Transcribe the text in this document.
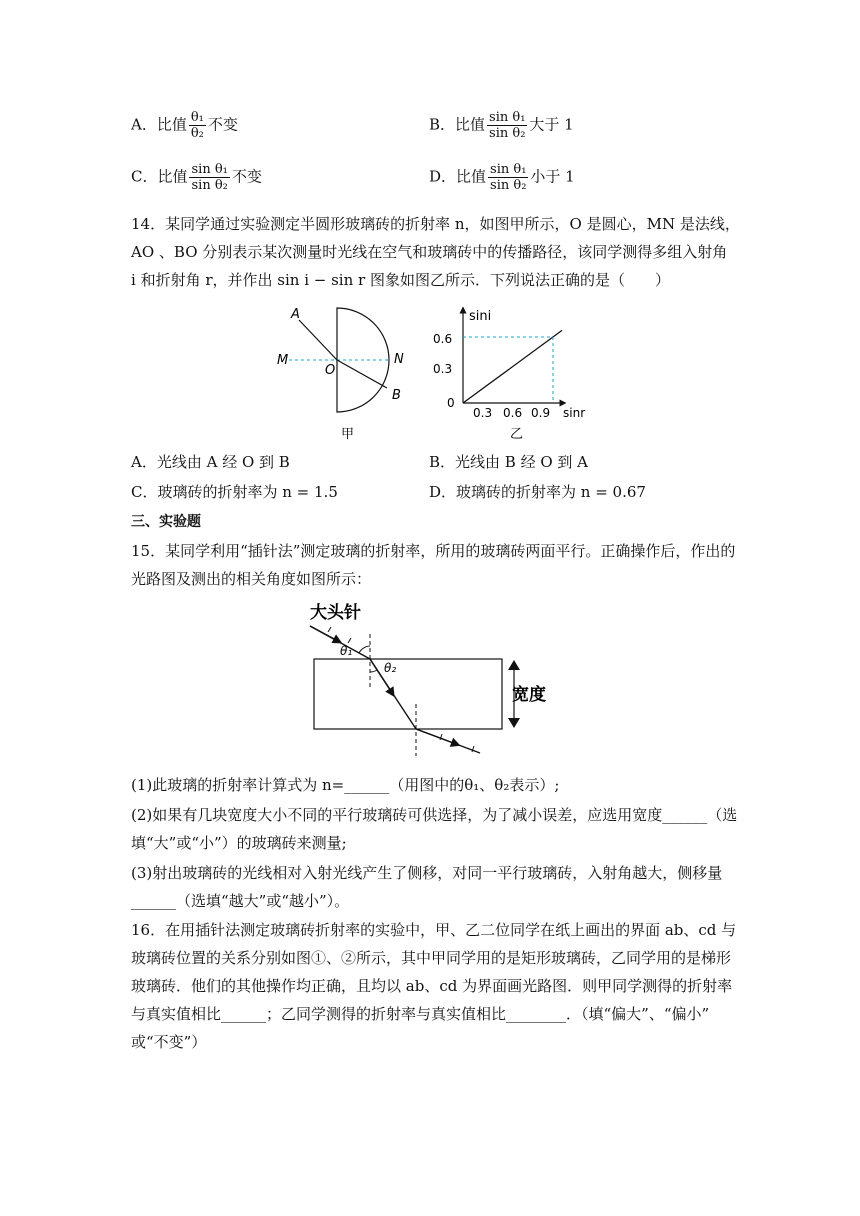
A．比值 $\frac{\text{θ₁}}{\text{θ₂}}$ 不变	B．比值 $\frac{\text{sin θ₁}}{\text{sin θ₂}}$ 大于 1
C．比值 $\frac{\text{sin θ₁}}{\text{sin θ₂}}$ 不变	D．比值 $\frac{\text{sin θ₁}}{\text{sin θ₂}}$ 小于 1
14．某同学通过实验测定半圆形玻璃砖的折射率 n，如图甲所示，O 是圆心，MN 是法线，
AO 、BO 分别表示某次测量时光线在空气和玻璃砖中的传播路径，该同学测得多组入射角
i 和折射角 r，并作出 sin i − sin r 图象如图乙所示．下列说法正确的是（　　）
A
M
O
N
B
甲
sini
sinr
0.6
0.3
0
0.3 0.6 0.9
乙
A．光线由 A 经 O 到 B	B．光线由 B 经 O 到 A
C．玻璃砖的折射率为 n = 1.5	D．玻璃砖的折射率为 n = 0.67
三、实验题
15．某同学利用“插针法”测定玻璃的折射率，所用的玻璃砖两面平行。正确操作后，作出的
光路图及测出的相关角度如图所示：
大头针
θ₁
θ₂
宽度
(1)此玻璃的折射率计算式为 n=______（用图中的θ₁、θ₂表示）;
(2)如果有几块宽度大小不同的平行玻璃砖可供选择，为了减小误差，应选用宽度______（选
填“大”或“小”）的玻璃砖来测量;
(3)射出玻璃砖的光线相对入射光线产生了侧移，对同一平行玻璃砖，入射角越大，侧移量
______（选填“越大”或“越小”）。
16．在用插针法测定玻璃砖折射率的实验中，甲、乙二位同学在纸上画出的界面 ab、cd 与
玻璃砖位置的关系分别如图①、②所示，其中甲同学用的是矩形玻璃砖，乙同学用的是梯形
玻璃砖．他们的其他操作均正确，且均以 ab、cd 为界面画光路图．则甲同学测得的折射率
与真实值相比______；乙同学测得的折射率与真实值相比________．（填“偏大”、“偏小”
或“不变”）
